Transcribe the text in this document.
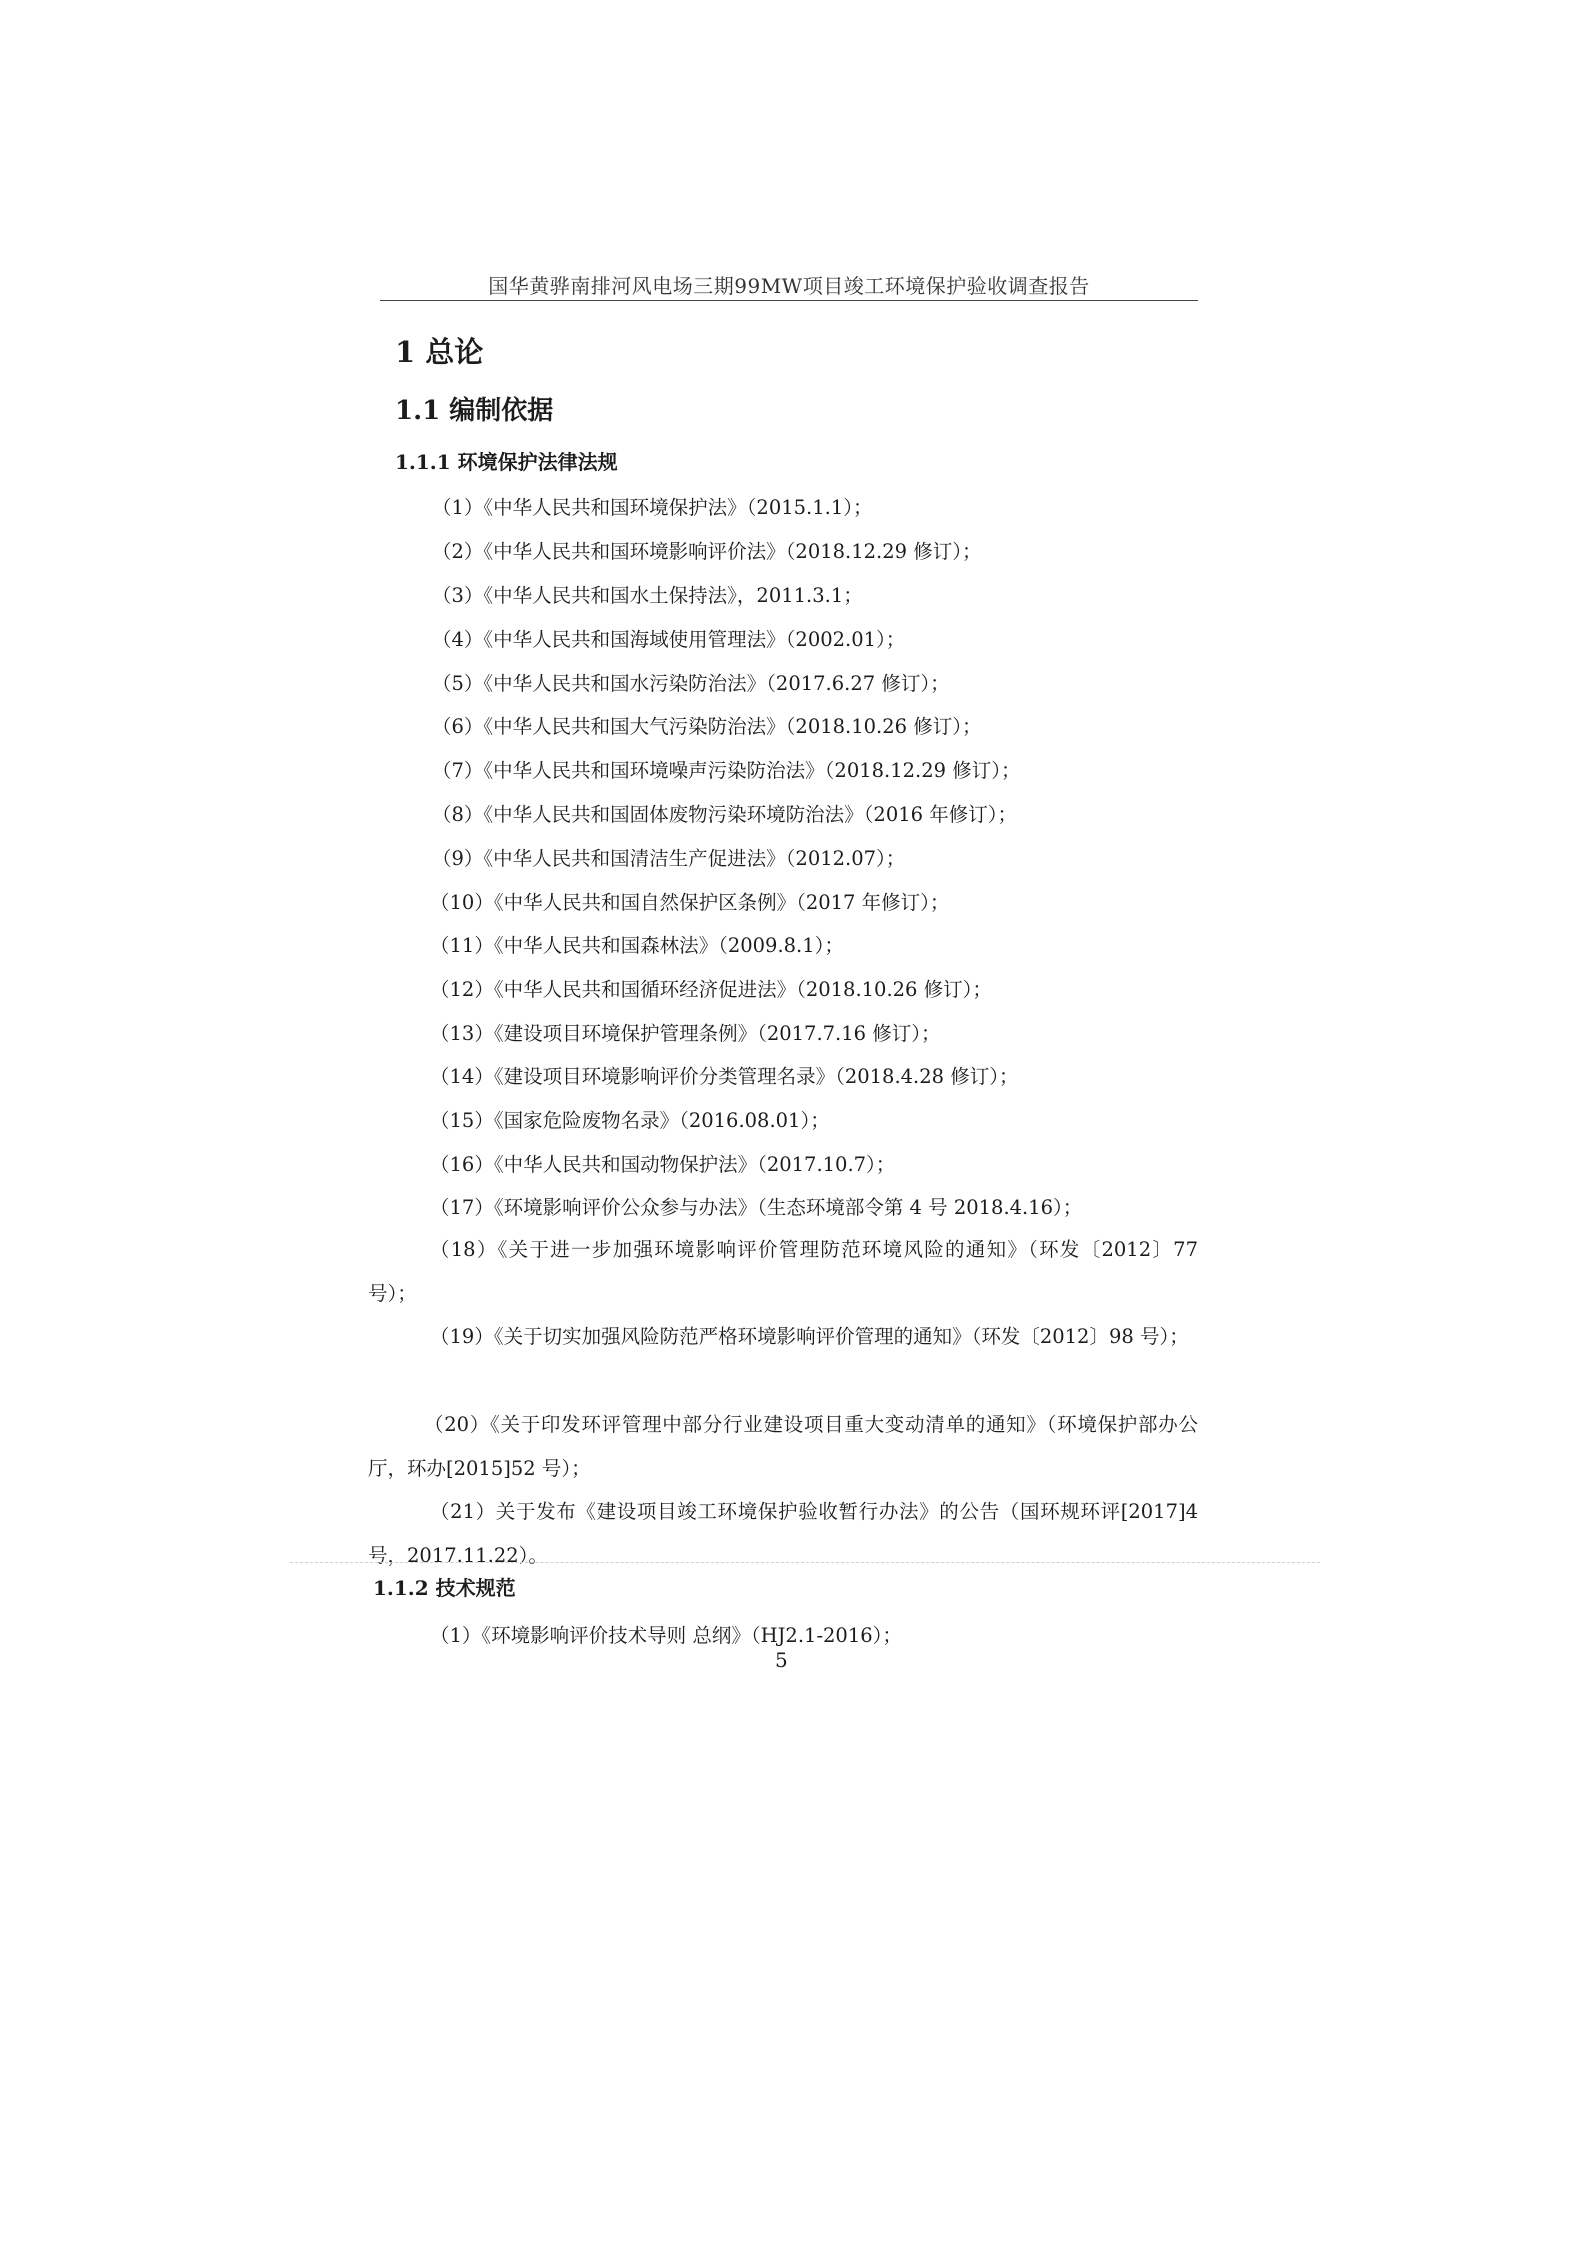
国华黄骅南排河风电场三期99MW项目竣工环境保护验收调查报告
1 总论
1.1 编制依据
1.1.1 环境保护法律法规
（1）《中华人民共和国环境保护法》（2015.1.1）；
（2）《中华人民共和国环境影响评价法》（2018.12.29 修订）；
（3）《中华人民共和国水土保持法》，2011.3.1；
（4）《中华人民共和国海域使用管理法》（2002.01）；
（5）《中华人民共和国水污染防治法》（2017.6.27 修订）；
（6）《中华人民共和国大气污染防治法》（2018.10.26 修订）；
（7）《中华人民共和国环境噪声污染防治法》（2018.12.29 修订）；
（8）《中华人民共和国固体废物污染环境防治法》（2016 年修订）；
（9）《中华人民共和国清洁生产促进法》（2012.07）；
（10）《中华人民共和国自然保护区条例》（2017 年修订）；
（11）《中华人民共和国森林法》（2009.8.1）；
（12）《中华人民共和国循环经济促进法》（2018.10.26 修订）；
（13）《建设项目环境保护管理条例》（2017.7.16 修订）；
（14）《建设项目环境影响评价分类管理名录》（2018.4.28 修订）；
（15）《国家危险废物名录》（2016.08.01）；
（16）《中华人民共和国动物保护法》（2017.10.7）；
（17）《环境影响评价公众参与办法》（生态环境部令第 4 号 2018.4.16）；
（18）《关于进一步加强环境影响评价管理防范环境风险的通知》（环发〔2012〕77 号）；
（19）《关于切实加强风险防范严格环境影响评价管理的通知》（环发〔2012〕98 号）；
（20）《关于印发环评管理中部分行业建设项目重大变动清单的通知》（环境保护部办公厅，环办[2015]52 号）；
（21）关于发布《建设项目竣工环境保护验收暂行办法》的公告（国环规环评[2017]4 号，2017.11.22）。
1.1.2 技术规范
（1）《环境影响评价技术导则 总纲》（HJ2.1-2016）；
5
